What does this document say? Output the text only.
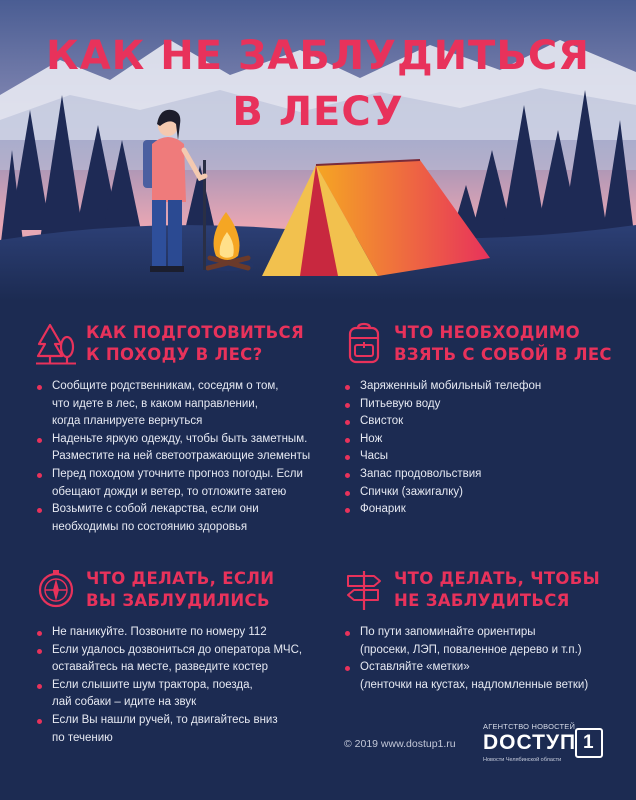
КАК НЕ ЗАБЛУДИТЬСЯ
В ЛЕСУ
КАК ПОДГОТОВИТЬСЯ
К ПОХОДУ В ЛЕС?
Сообщите родственникам, соседям о том,
что идете в лес, в каком направлении,
когда планируете вернуться
Наденьте яркую одежду, чтобы быть заметным.
Разместите на ней светоотражающие элементы
Перед походом уточните прогноз погоды. Если
обещают дожди и ветер, то отложите затею
Возьмите с собой лекарства, если они
необходимы по состоянию здоровья
ЧТО НЕОБХОДИМО
ВЗЯТЬ С СОБОЙ В ЛЕС
Заряженный мобильный телефон
Питьевую воду
Свисток
Нож
Часы
Запас продовольствия
Спички (зажигалку)
Фонарик
ЧТО ДЕЛАТЬ, ЕСЛИ
ВЫ ЗАБЛУДИЛИСЬ
Не паникуйте. Позвоните по номеру 112
Если удалось дозвониться до оператора МЧС,
оставайтесь на месте, разведите костер
Если слышите шум трактора, поезда,
лай собаки – идите на звук
Если Вы нашли ручей, то двигайтесь вниз
по течению
ЧТО ДЕЛАТЬ, ЧТОБЫ
НЕ ЗАБЛУДИТЬСЯ
По пути запоминайте ориентиры
(просеки, ЛЭП, поваленное дерево и т.п.)
Оставляйте «метки»
(ленточки на кустах, надломленные ветки)
© 2019 www.dostup1.ru
АГЕНТСТВО НОВОСТЕЙ
DОСТУП
Новости Челябинской области
1
